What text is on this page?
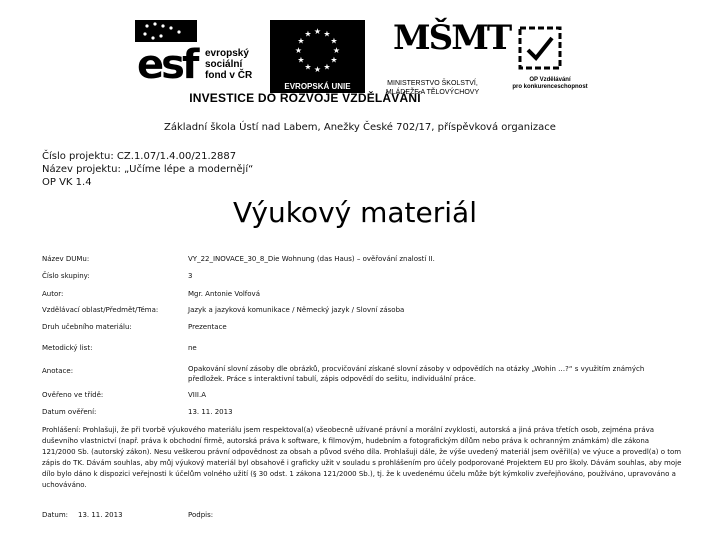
esf evropský
sociální
fond v ČR
★ ★
★
★
★
★
★
★
★
★
★
★
EVROPSKÁ UNIE
MŠMT
MINISTERSTVO ŠKOLSTVÍ,
MLÁDEŽE A TĚLOVÝCHOVY
OP Vzdělávání
pro konkurenceschopnost
INVESTICE DO ROZVOJE VZDĚLÁVÁNÍ
Základní škola Ústí nad Labem, Anežky České 702/17, příspěvková organizace
Číslo projektu: CZ.1.07/1.4.00/21.2887
Název projektu: „Učíme lépe a modernějí“
OP VK 1.4
Výukový materiál
Název DUMu:	VY_22_INOVACE_30_8_Die Wohnung (das Haus) – ověřování znalostí II.
Číslo skupiny:	3
Autor:	Mgr. Antonie Volfová
Vzdělávací oblast/Předmět/Téma:	Jazyk a jazyková komunikace / Německý jazyk / Slovní zásoba
Druh učebního materiálu:	Prezentace
Metodický list:	ne
Anotace:	Opakování slovní zásoby dle obrázků, procvičování získané slovní zásoby v odpovědích na otázky „Wohin …?“ s využitím známých předložek. Práce s interaktivní tabulí, zápis odpovědí do sešitu, individuální práce.
Ověřeno ve třídě:	VIII.A
Datum ověření:	13. 11. 2013
Prohlášení: Prohlašuji, že při tvorbě výukového materiálu jsem respektoval(a) všeobecně užívané právní a morální zvyklosti, autorská a jiná práva třetích osob, zejména práva duševního vlastnictví (např. práva k obchodní firmě, autorská práva k software, k filmovým, hudebním a fotografickým dílům nebo práva k ochranným známkám) dle zákona 121/2000 Sb. (autorský zákon). Nesu veškerou právní odpovědnost za obsah a původ svého díla. Prohlašuji dále, že výše uvedený materiál jsem ověřil(a) ve výuce a provedl(a) o tom zápis do TK. Dávám souhlas, aby můj výukový materiál byl obsahově i graficky užit v souladu s prohlášením pro účely podporované Projektem EU pro školy. Dávám souhlas, aby moje dílo bylo dáno k dispozici veřejnosti k účelům volného užití (§ 30 odst. 1 zákona 121/2000 Sb.), tj. že k uvedenému účelu může být kýmkoliv zveřejňováno, používáno, upravováno a uchováváno.
Datum: 13. 11. 2013	Podpis:
